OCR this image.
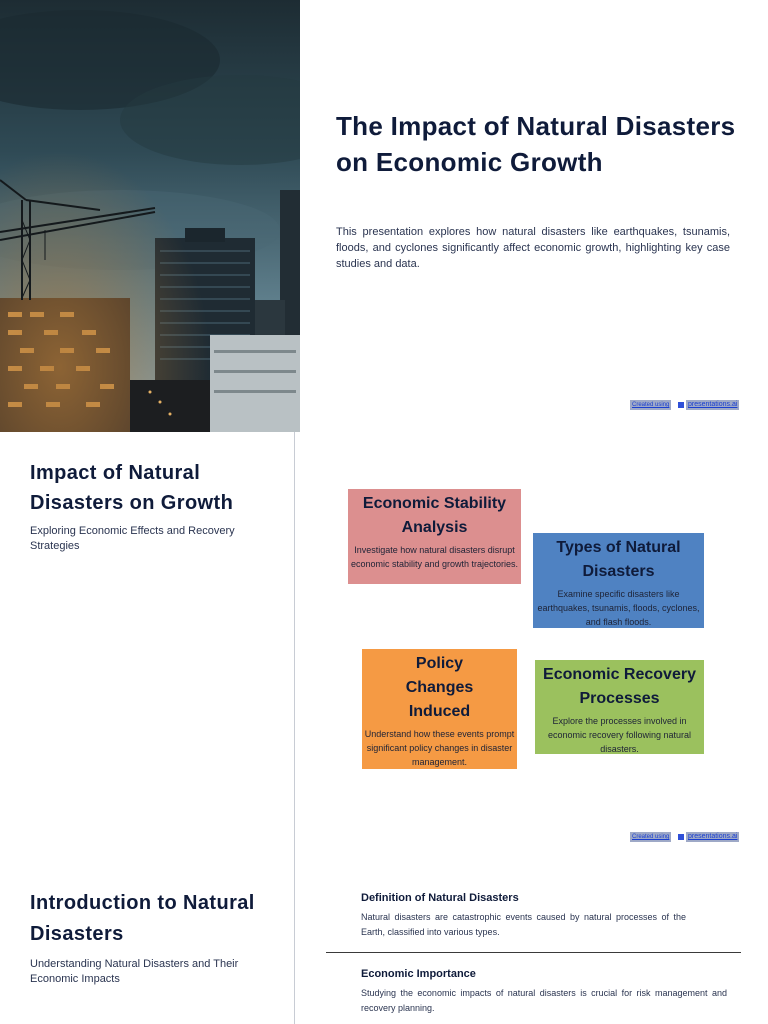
The Impact of Natural Disasters on Economic Growth
This presentation explores how natural disasters like earthquakes, tsunamis, floods, and cyclones significantly affect economic growth, highlighting key case studies and data.
Created using	presentations.ai
Impact of Natural Disasters on Growth
Exploring Economic Effects and Recovery Strategies
Economic Stability Analysis
Investigate how natural disasters disrupt economic stability and growth trajectories.
Types of Natural Disasters
Examine specific disasters like earthquakes, tsunamis, floods, cyclones, and flash floods.
Policy Changes Induced
Understand how these events prompt significant policy changes in disaster management.
Economic Recovery Processes
Explore the processes involved in economic recovery following natural disasters.
Created using	presentations.ai
Introduction to Natural Disasters
Understanding Natural Disasters and Their Economic Impacts
Definition of Natural Disasters
Natural disasters are catastrophic events caused by natural processes of the Earth, classified into various types.
Economic Importance
Studying the economic impacts of natural disasters is crucial for risk management and recovery planning.
